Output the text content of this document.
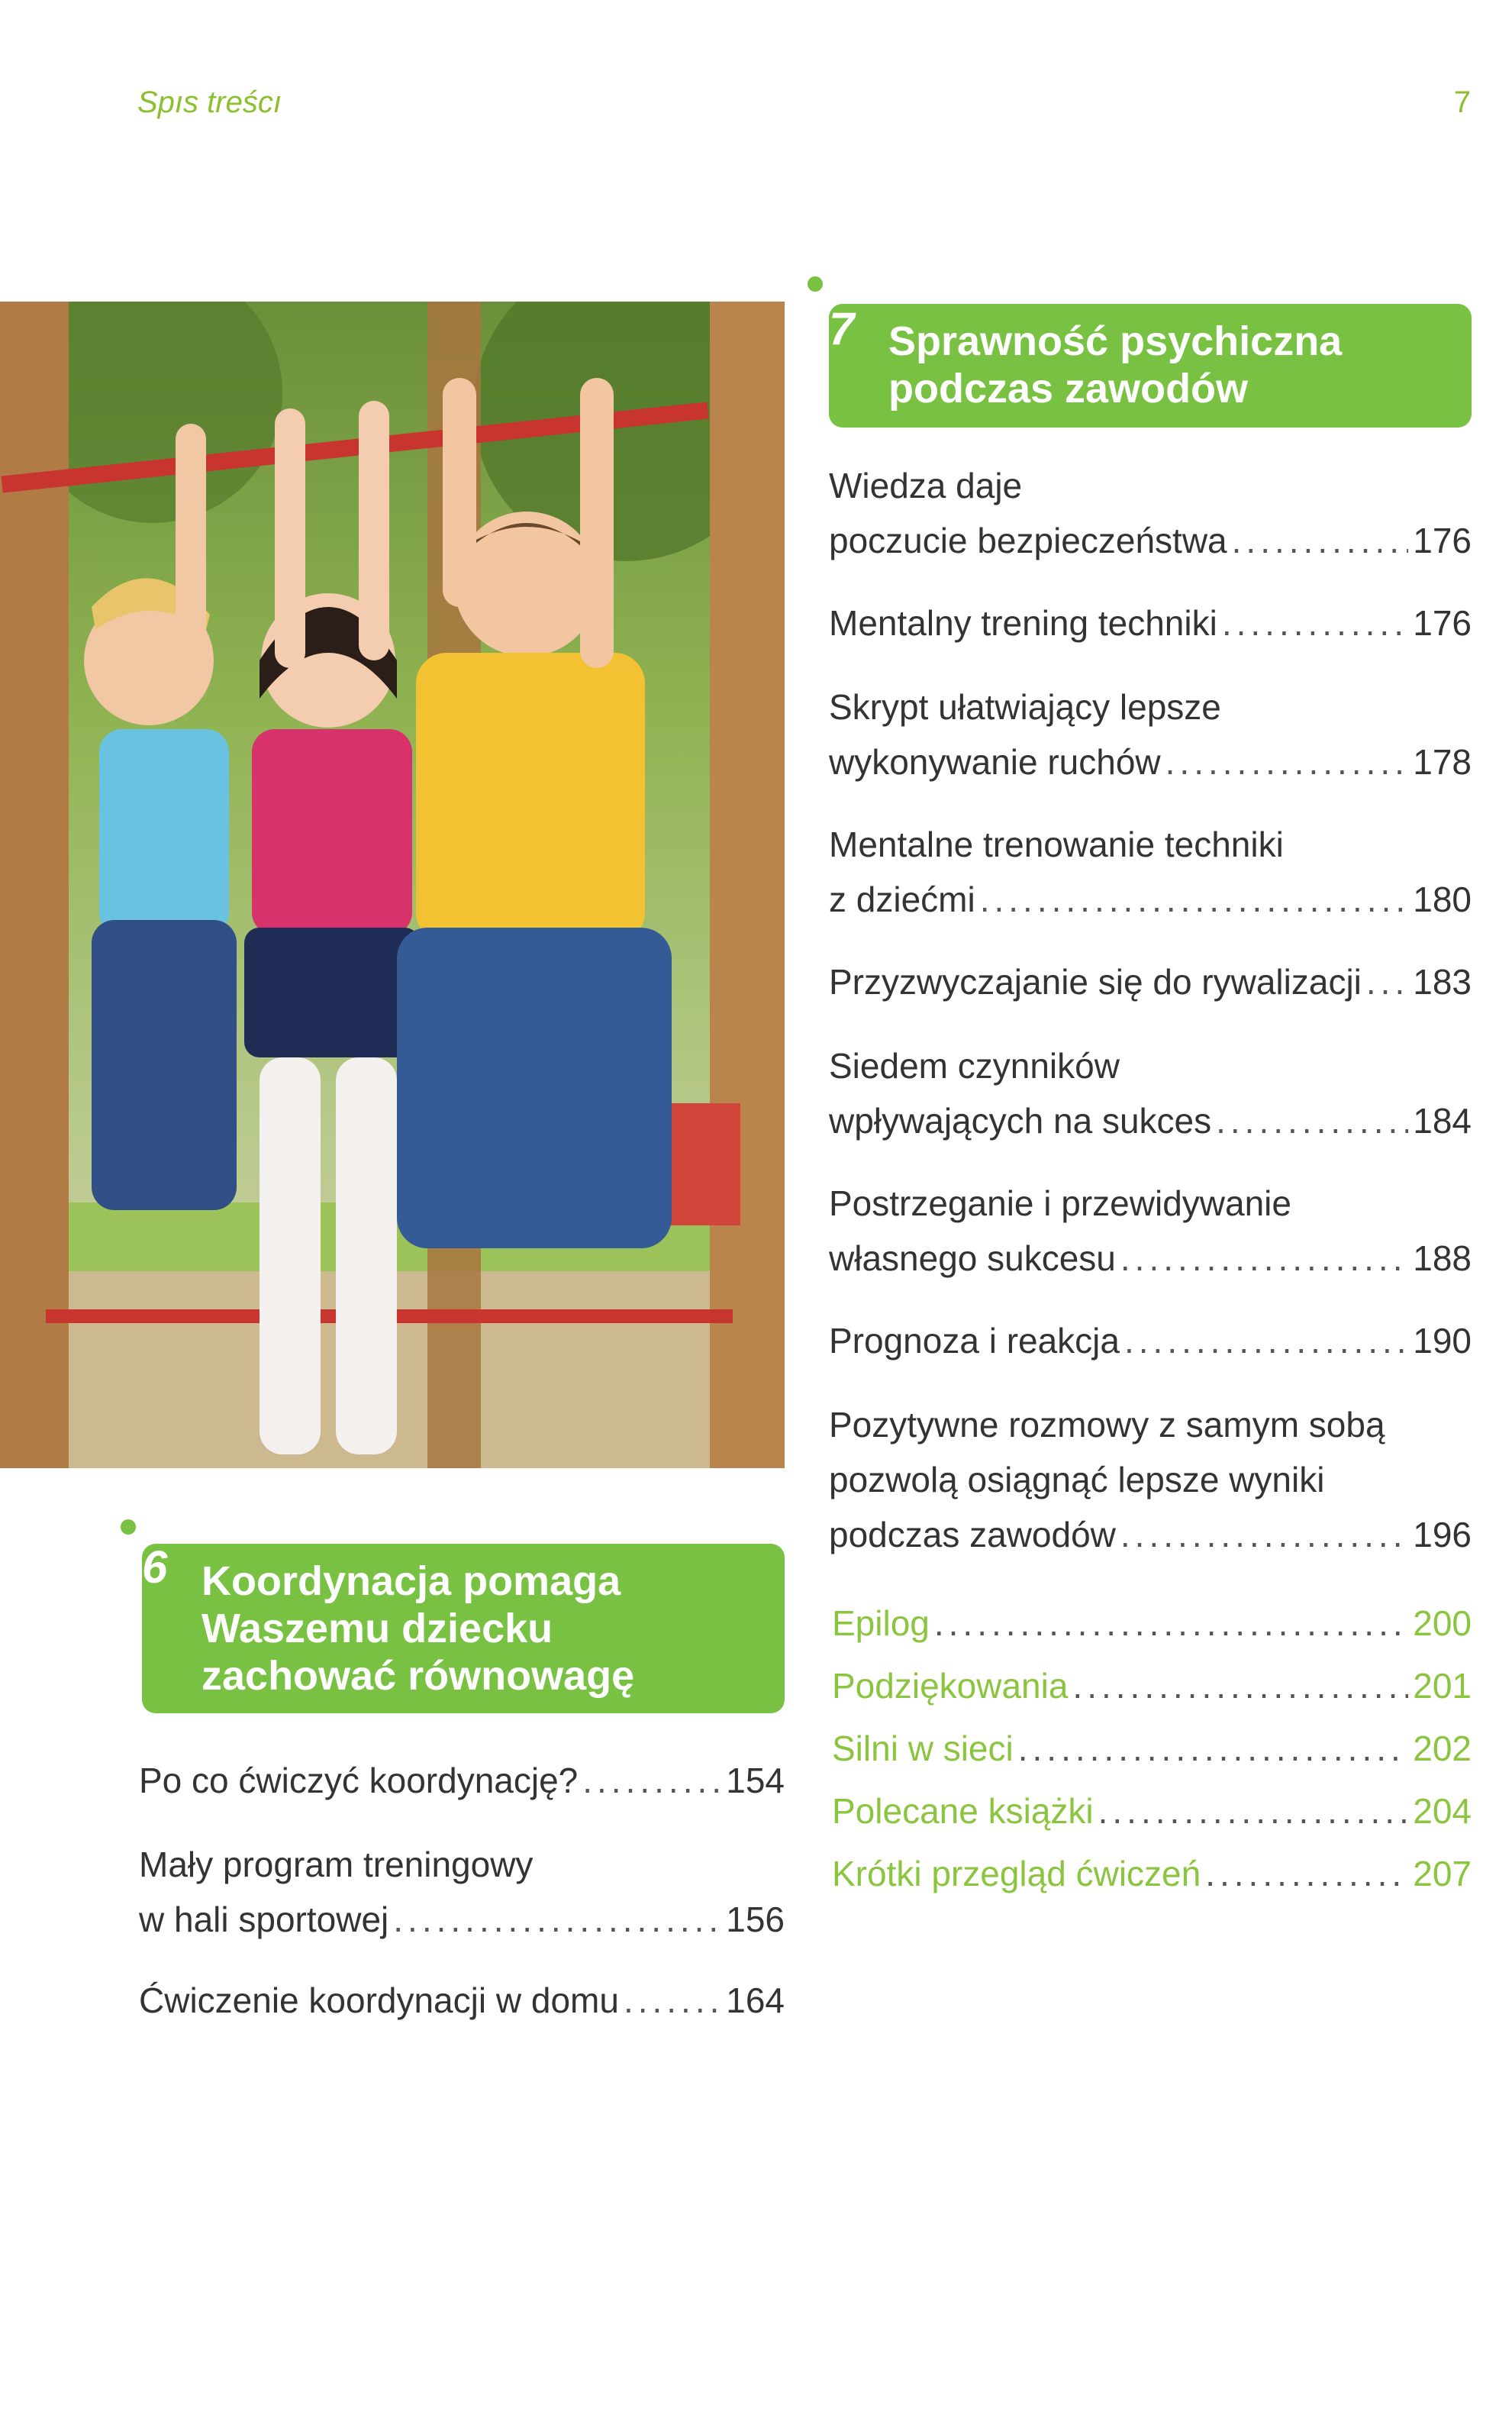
Spıs treścı	7
7 Sprawność psychiczna
podczas zawodów
Wiedza daje
poczucie bezpieczeństwa .....	176
Mentalny trening techniki .....	176
Skrypt ułatwiający lepsze
wykonywanie ruchów .....	178
Mentalne trenowanie techniki
z dziećmi .....	180
Przyzwyczajanie się do rywalizacji ..... 183
Siedem czynników
wpływających na sukces .....	184
Postrzeganie i przewidywanie
własnego sukcesu .....	188
Prognoza i reakcja .....	190
Pozytywne rozmowy z samym sobą
pozwolą osiągnąć lepsze wyniki
podczas zawodów .....	196
Epilog .....	200
Podziękowania .....	201
Silni w sieci .....	202
Polecane książki .....	204
Krótki przegląd ćwiczeń .....	207
6 Koordynacja pomaga
Waszemu dziecku
zachować równowagę
Po co ćwiczyć koordynację? .....	154
Mały program treningowy
w hali sportowej .....	156
Ćwiczenie koordynacji w domu .....	164
